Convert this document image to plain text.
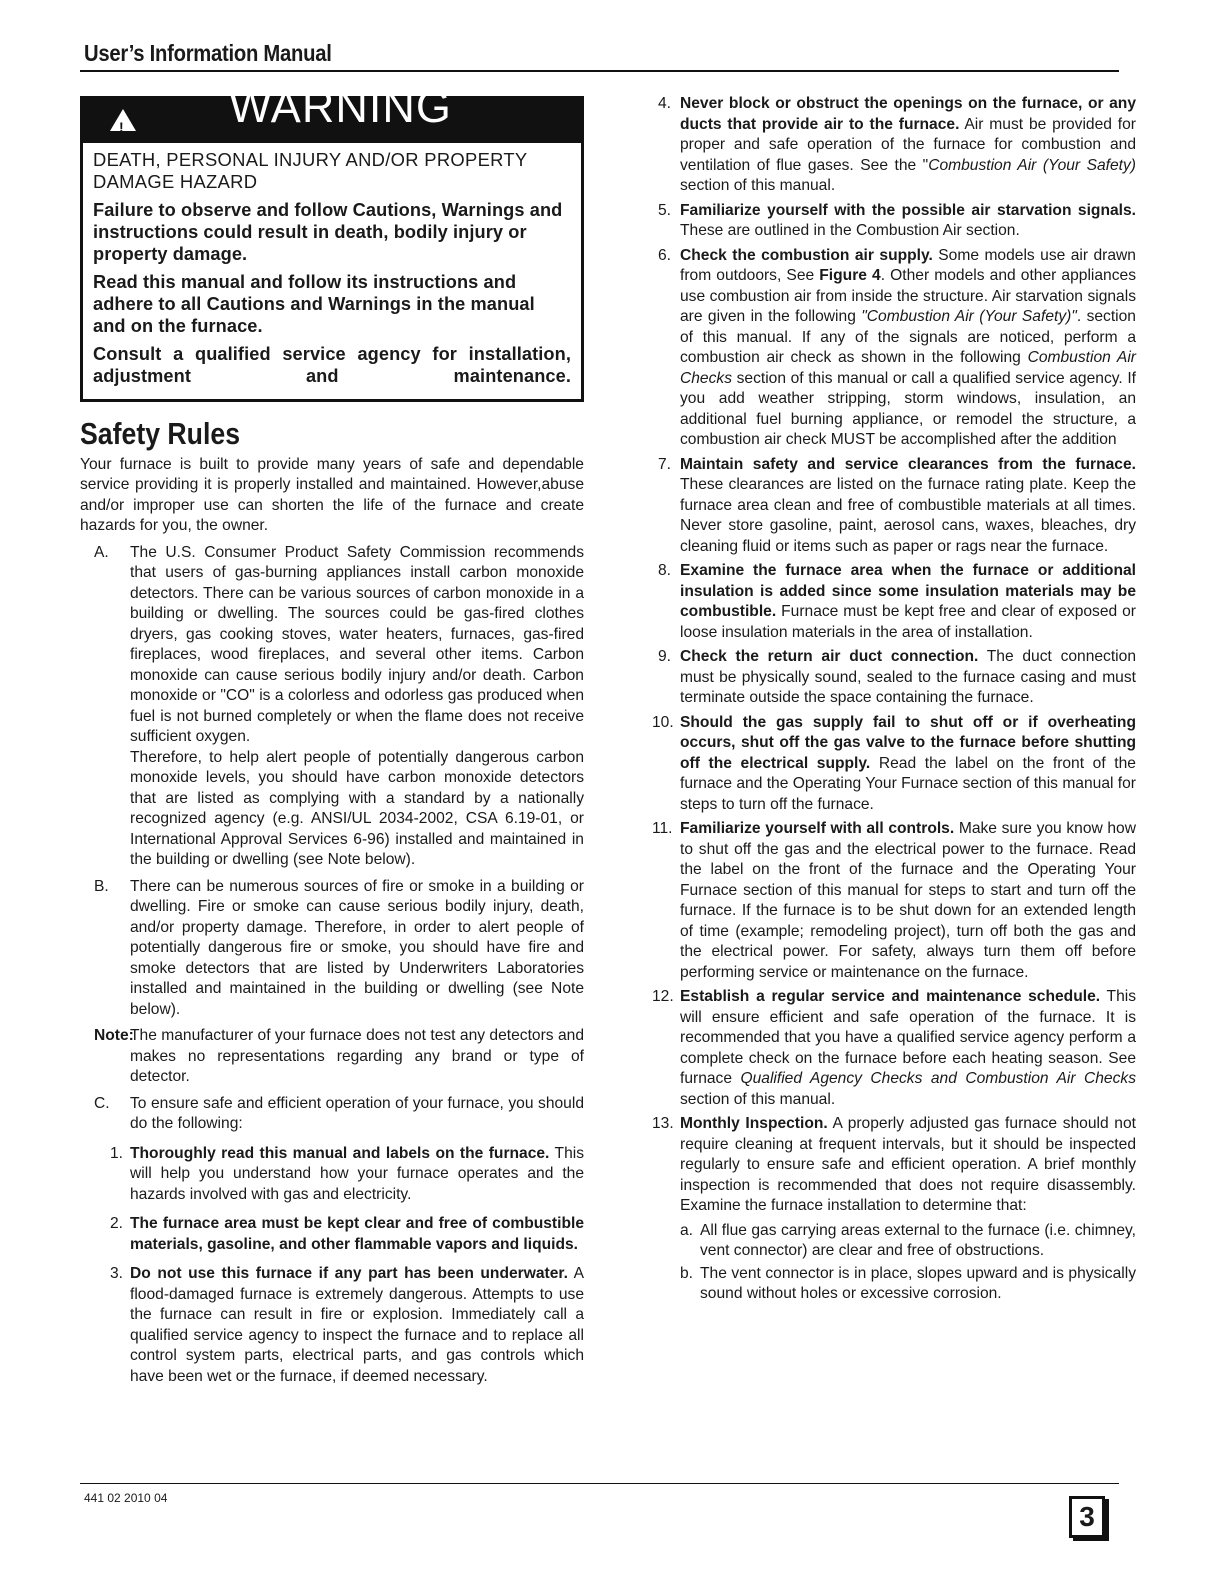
User’s Information Manual
! WARNING

DEATH, PERSONAL INJURY AND/OR PROPERTY DAMAGE HAZARD

Failure to observe and follow Cautions, Warnings and instructions could result in death, bodily injury or property damage.

Read this manual and follow its instructions and adhere to all Cautions and Warnings in the manual and on the furnace.

Consult a qualified service agency for installation, adjustment and maintenance.

Safety Rules

Your furnace is built to provide many years of safe and dependable service providing it is properly installed and maintained. However,abuse and/or improper use can shorten the life of the furnace and create hazards for you, the owner.

A. The U.S. Consumer Product Safety Commission recommends that users of gas-burning appliances install carbon monoxide detectors. There can be various sources of carbon monoxide in a building or dwelling. The sources could be gas-fired clothes dryers, gas cooking stoves, water heaters, furnaces, gas-fired fireplaces, wood fireplaces, and several other items. Carbon monoxide can cause serious bodily injury and/or death. Carbon monoxide or "CO" is a colorless and odorless gas produced when fuel is not burned completely or when the flame does not receive sufficient oxygen.
Therefore, to help alert people of potentially dangerous carbon monoxide levels, you should have carbon monoxide detectors that are listed as complying with a standard by a nationally recognized agency (e.g. ANSI/UL 2034-2002, CSA 6.19-01, or International Approval Services 6-96) installed and maintained in the building or dwelling (see Note below).
B. There can be numerous sources of fire or smoke in a building or dwelling. Fire or smoke can cause serious bodily injury, death, and/or property damage. Therefore, in order to alert people of potentially dangerous fire or smoke, you should have fire and smoke detectors that are listed by Underwriters Laboratories installed and maintained in the building or dwelling (see Note below).
Note:
The manufacturer of your furnace does not test any detectors and makes no representations regarding any brand or type of detector.
C. To ensure safe and efficient operation of your furnace, you should do the following:
1. Thoroughly read this manual and labels on the furnace. This will help you understand how your furnace operates and the hazards involved with gas and electricity.
2. The furnace area must be kept clear and free of combustible materials, gasoline, and other flammable vapors and liquids.
3. Do not use this furnace if any part has been underwater. A flood-damaged furnace is extremely dangerous. Attempts to use the furnace can result in fire or explosion. Immediately call a qualified service agency to inspect the furnace and to replace all control system parts, electrical parts, and gas controls which have been wet or the furnace, if deemed necessary.
4. Never block or obstruct the openings on the furnace, or any ducts that provide air to the furnace. Air must be provided for proper and safe operation of the furnace for combustion and ventilation of flue gases. See the "Combustion Air (Your Safety) section of this manual.
5. Familiarize yourself with the possible air starvation signals. These are outlined in the Combustion Air section.
6. Check the combustion air supply. Some models use air drawn from outdoors, See Figure 4. Other models and other appliances use combustion air from inside the structure. Air starvation signals are given in the following "Combustion Air (Your Safety)". section of this manual. If any of the signals are noticed, perform a combustion air check as shown in the following Combustion Air Checks section of this manual or call a qualified service agency. If you add weather stripping, storm windows, insulation, an additional fuel burning appliance, or remodel the structure, a combustion air check MUST be accomplished after the addition
7. Maintain safety and service clearances from the furnace. These clearances are listed on the furnace rating plate. Keep the furnace area clean and free of combustible materials at all times. Never store gasoline, paint, aerosol cans, waxes, bleaches, dry cleaning fluid or items such as paper or rags near the furnace.
8. Examine the furnace area when the furnace or additional insulation is added since some insulation materials may be combustible. Furnace must be kept free and clear of exposed or loose insulation materials in the area of installation.
9. Check the return air duct connection. The duct connection must be physically sound, sealed to the furnace casing and must terminate outside the space containing the furnace.
10. Should the gas supply fail to shut off or if overheating occurs, shut off the gas valve to the furnace before shutting off the electrical supply. Read the label on the front of the furnace and the Operating Your Furnace section of this manual for steps to turn off the furnace.
11. Familiarize yourself with all controls. Make sure you know how to shut off the gas and the electrical power to the furnace. Read the label on the front of the furnace and the Operating Your Furnace section of this manual for steps to start and turn off the furnace. If the furnace is to be shut down for an extended length of time (example; remodeling project), turn off both the gas and the electrical power. For safety, always turn them off before performing service or maintenance on the furnace.
12. Establish a regular service and maintenance schedule. This will ensure efficient and safe operation of the furnace. It is recommended that you have a qualified service agency perform a complete check on the furnace before each heating season. See furnace Qualified Agency Checks and Combustion Air Checks section of this manual.
13. Monthly Inspection. A properly adjusted gas furnace should not require cleaning at frequent intervals, but it should be inspected regularly to ensure safe and efficient operation. A brief monthly inspection is recommended that does not require disassembly. Examine the furnace installation to determine that:
a. All flue gas carrying areas external to the furnace (i.e. chimney, vent connector) are clear and free of obstructions.
b. The vent connector is in place, slopes upward and is physically sound without holes or excessive corrosion.
441 02 2010 04
3
